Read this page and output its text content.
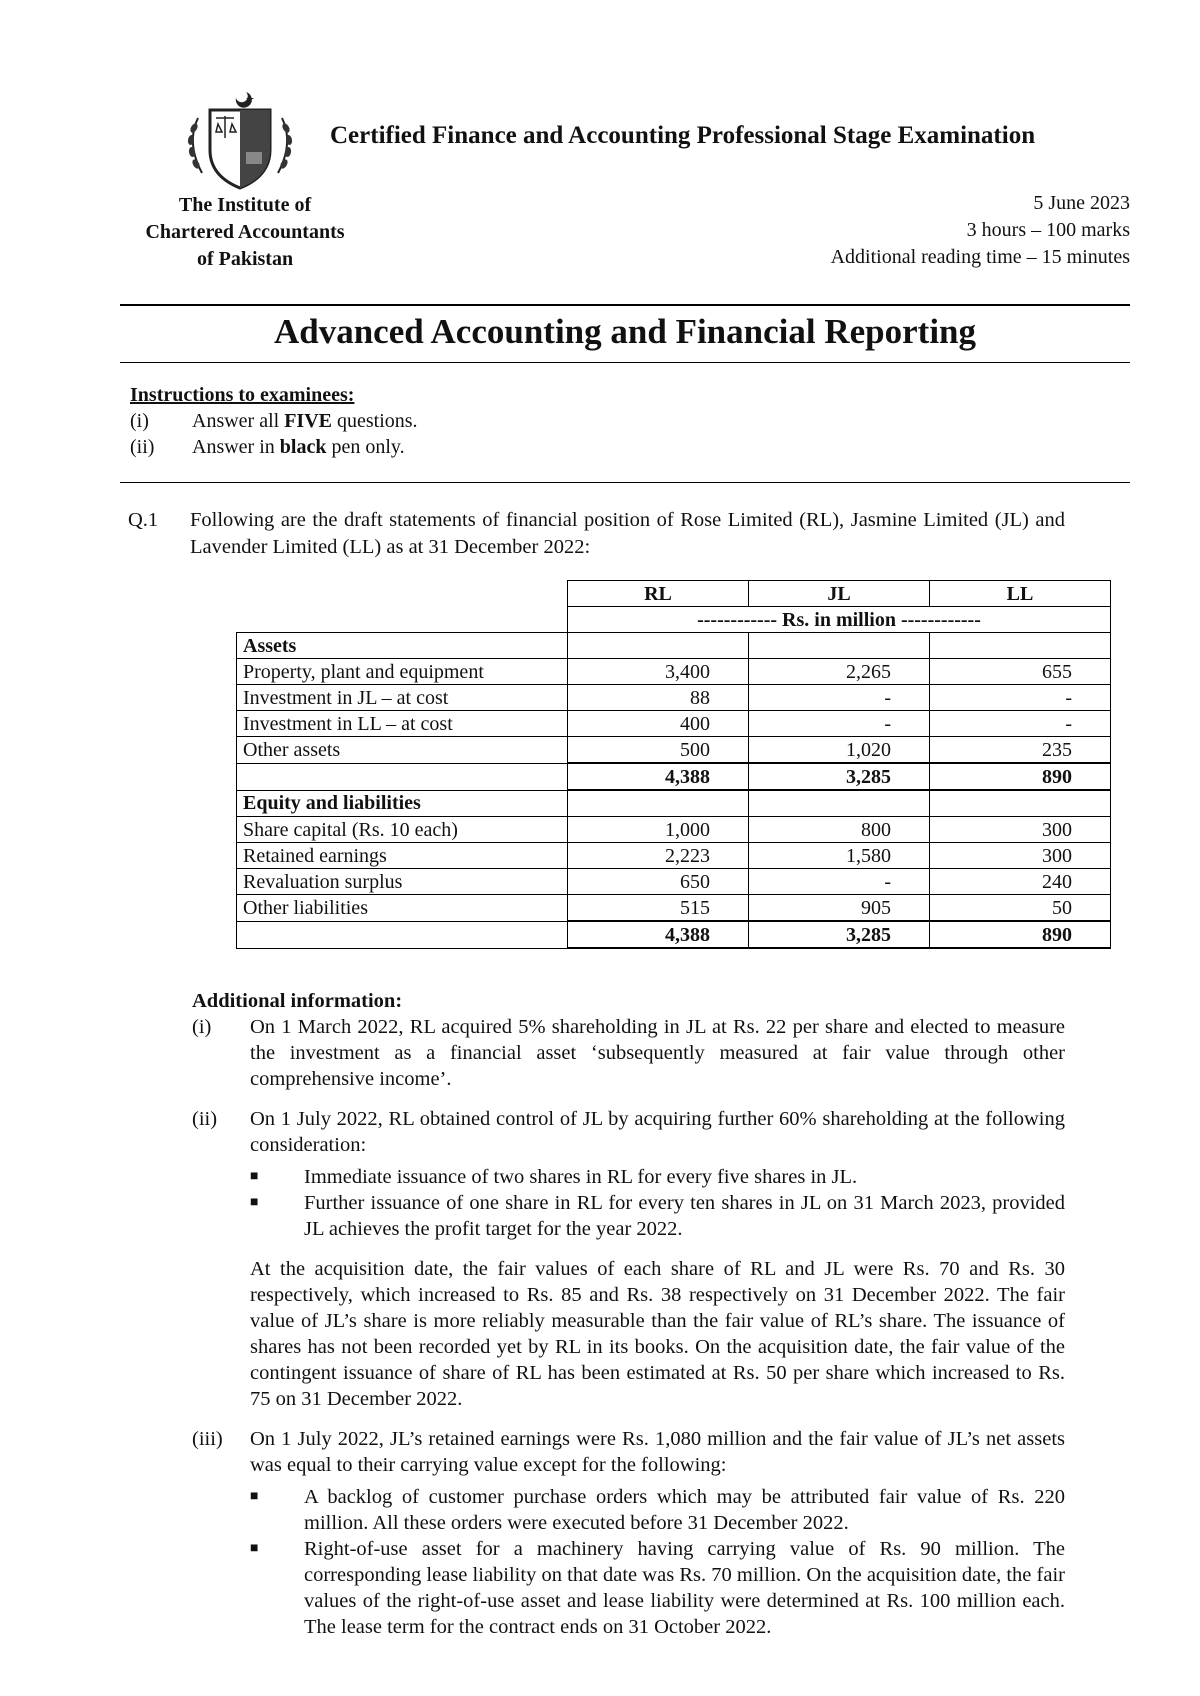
Certified Finance and Accounting Professional Stage Examination
The Institute of
Chartered Accountants
of Pakistan
5 June 2023
3 hours – 100 marks
Additional reading time – 15 minutes
Advanced Accounting and Financial Reporting
Instructions to examinees:
(i)	Answer all FIVE questions.
(ii)	Answer in black pen only.
Q.1 Following are the draft statements of financial position of Rose Limited (RL), Jasmine Limited (JL) and Lavender Limited (LL) as at 31 December 2022:
	RL	JL	LL
	------------ Rs. in million ------------		
Assets			
Property, plant and equipment	3,400	2,265	655
Investment in JL – at cost	88	-	-
Investment in LL – at cost	400	-	-
Other assets	500	1,020	235
	4,388	3,285	890
Equity and liabilities			
Share capital (Rs. 10 each)	1,000	800	300
Retained earnings	2,223	1,580	300
Revaluation surplus	650	-	240
Other liabilities	515	905	50
	4,388	3,285	890
Additional information:
(i) On 1 March 2022, RL acquired 5% shareholding in JL at Rs. 22 per share and elected to measure the investment as a financial asset ‘subsequently measured at fair value through other comprehensive income’.
(ii) On 1 July 2022, RL obtained control of JL by acquiring further 60% shareholding at the following consideration:
■ Immediate issuance of two shares in RL for every five shares in JL.
■ Further issuance of one share in RL for every ten shares in JL on 31 March 2023, provided JL achieves the profit target for the year 2022.
At the acquisition date, the fair values of each share of RL and JL were Rs. 70 and Rs. 30 respectively, which increased to Rs. 85 and Rs. 38 respectively on 31 December 2022. The fair value of JL’s share is more reliably measurable than the fair value of RL’s share. The issuance of shares has not been recorded yet by RL in its books. On the acquisition date, the fair value of the contingent issuance of share of RL has been estimated at Rs. 50 per share which increased to Rs. 75 on 31 December 2022.
(iii) On 1 July 2022, JL’s retained earnings were Rs. 1,080 million and the fair value of JL’s net assets was equal to their carrying value except for the following:
■ A backlog of customer purchase orders which may be attributed fair value of Rs. 220 million. All these orders were executed before 31 December 2022.
■ Right-of-use asset for a machinery having carrying value of Rs. 90 million. The corresponding lease liability on that date was Rs. 70 million. On the acquisition date, the fair values of the right-of-use asset and lease liability were determined at Rs. 100 million each. The lease term for the contract ends on 31 October 2022.
